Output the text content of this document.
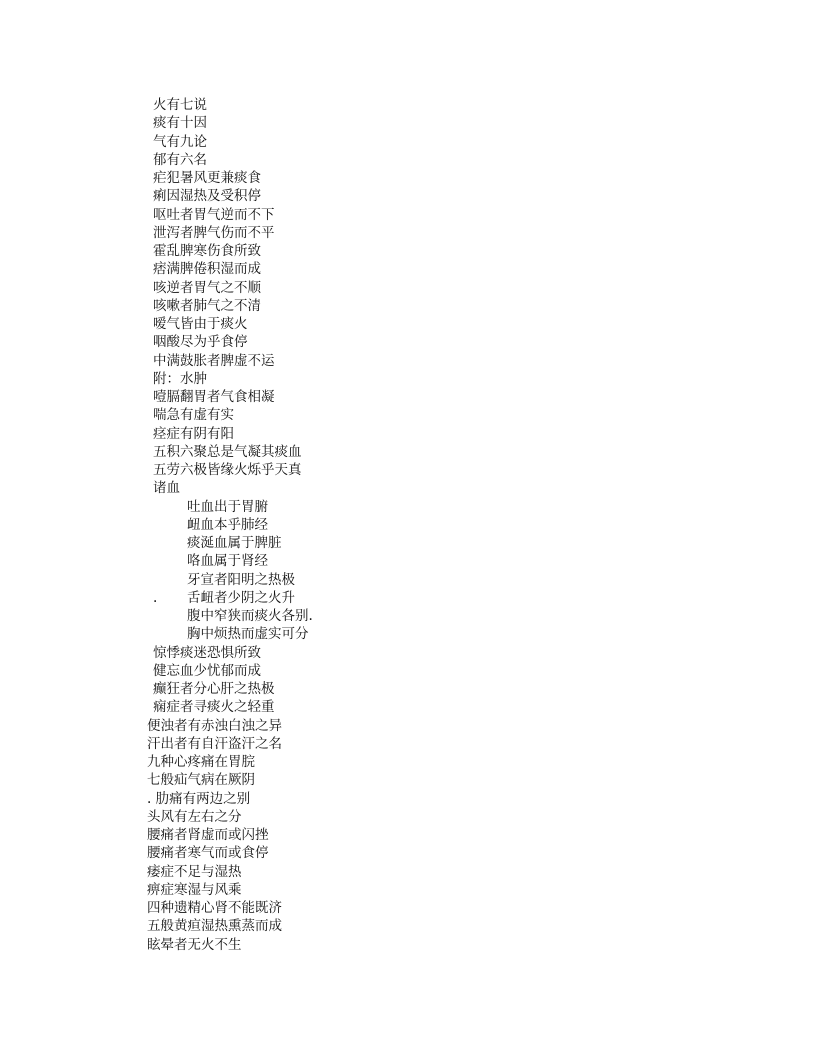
火有七说
痰有十因
气有九论
郁有六名
疟犯暑风更兼痰食
痢因湿热及受积停
呕吐者胃气逆而不下
泄泻者脾气伤而不平
霍乱脾寒伤食所致
痞满脾倦积湿而成
咳逆者胃气之不顺
咳嗽者肺气之不清
嗳气皆由于痰火
咽酸尽为乎食停
中满鼓胀者脾虚不运
附：水肿
噎膈翻胃者气食相凝
喘急有虚有实
痉症有阴有阳
五积六聚总是气凝其痰血
五劳六极皆缘火烁乎天真
诸血
吐血出于胃腑
衄血本乎肺经
痰涎血属于脾脏
咯血属于肾经
牙宣者阳明之热极
. 舌衄者少阴之火升
腹中窄狭而痰火各别.
胸中烦热而虚实可分
惊悸痰迷恐惧所致
健忘血少忧郁而成
癫狂者分心肝之热极
痫症者寻痰火之轻重
便浊者有赤浊白浊之异
汗出者有自汗盗汗之名
九种心疼痛在胃脘
七般疝气病在厥阴
. 肋痛有两边之别
头风有左右之分
腰痛者肾虚而或闪挫
腰痛者寒气而或食停
痿症不足与湿热
痹症寒湿与风乘
四种遗精心肾不能既济
五般黄疸湿热熏蒸而成
眩晕者无火不生
